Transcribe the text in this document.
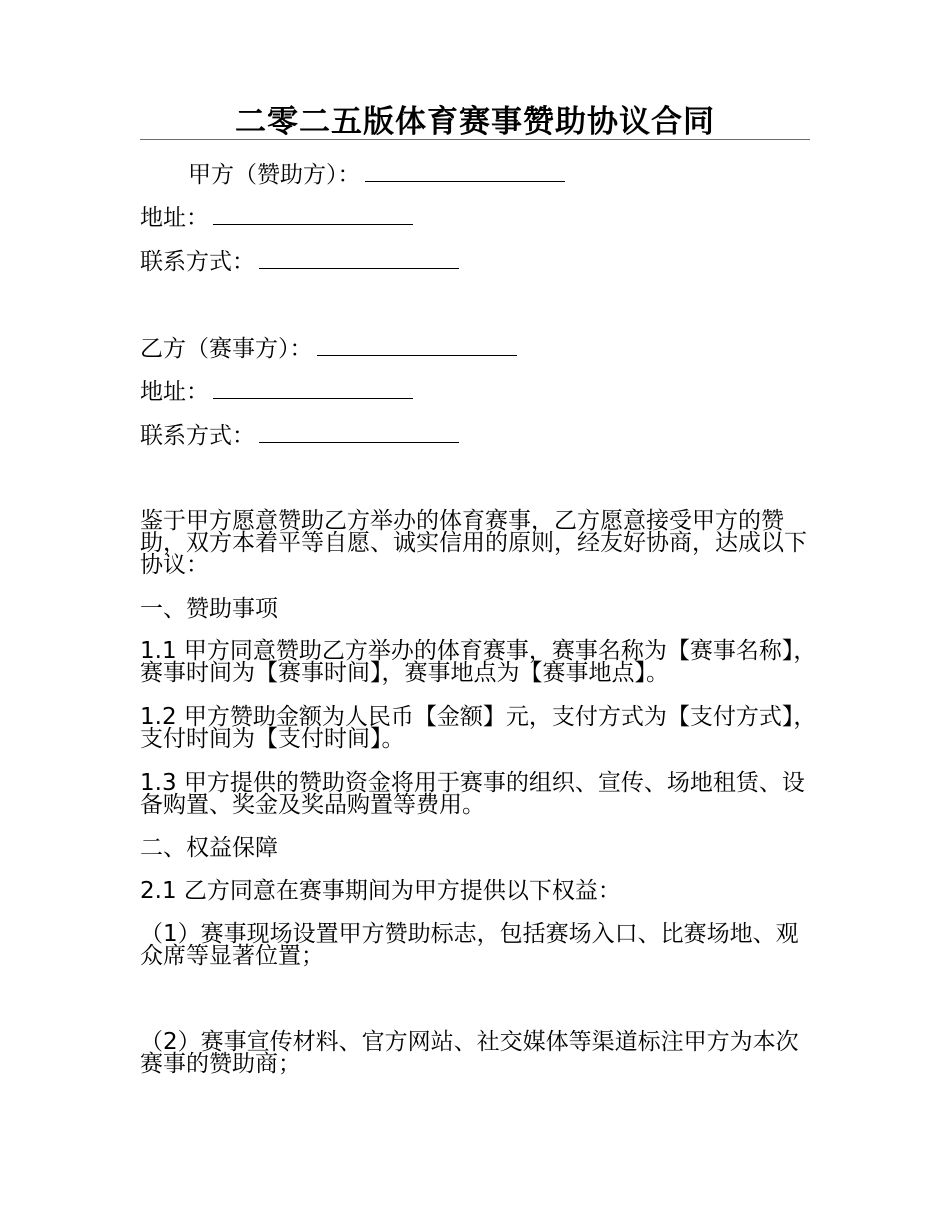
二零二五版体育赛事赞助协议合同
甲方（赞助方）：
地址：
联系方式：
乙方（赛事方）：
地址：
联系方式：

鉴于甲方愿意赞助乙方举办的体育赛事，乙方愿意接受甲方的赞助，双方本着平等自愿、诚实信用的原则，经友好协商，达成以下协议：

一、赞助事项

1.1 甲方同意赞助乙方举办的体育赛事，赛事名称为【赛事名称】，赛事时间为【赛事时间】，赛事地点为【赛事地点】。

1.2 甲方赞助金额为人民币【金额】元，支付方式为【支付方式】，支付时间为【支付时间】。

1.3 甲方提供的赞助资金将用于赛事的组织、宣传、场地租赁、设备购置、奖金及奖品购置等费用。

二、权益保障
2.1 乙方同意在赛事期间为甲方提供以下权益：

（1）赛事现场设置甲方赞助标志，包括赛场入口、比赛场地、观众席等显著位置；

（2）赛事宣传材料、官方网站、社交媒体等渠道标注甲方为本次赛事的赞助商；
